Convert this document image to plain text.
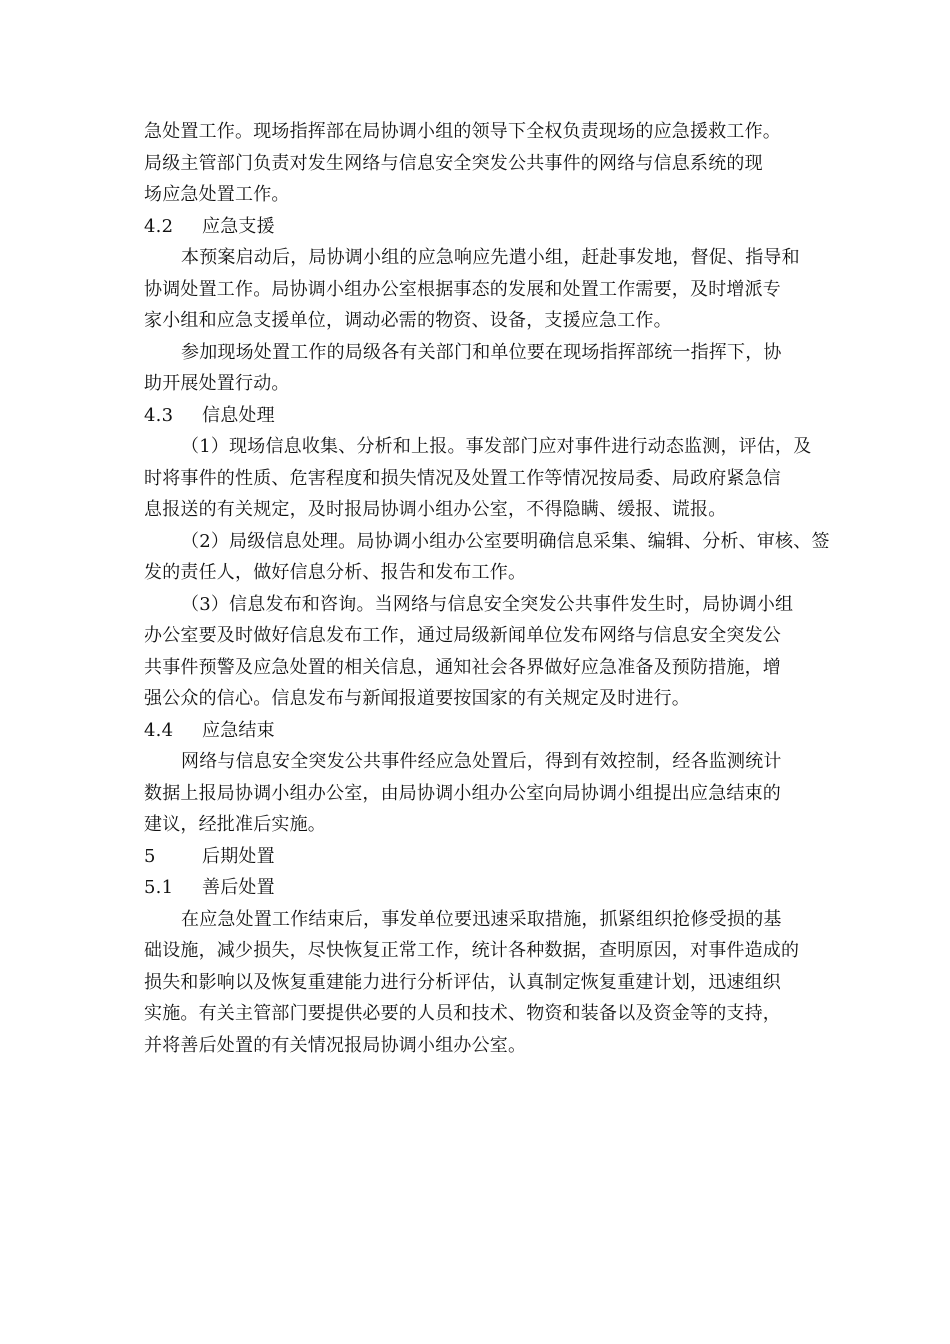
急处置工作。现场指挥部在局协调小组的领导下全权负责现场的应急援救工作。
局级主管部门负责对发生网络与信息安全突发公共事件的网络与信息系统的现
场应急处置工作。
4.2 应急支援
本预案启动后，局协调小组的应急响应先遣小组，赶赴事发地，督促、指导和
协调处置工作。局协调小组办公室根据事态的发展和处置工作需要，及时增派专
家小组和应急支援单位，调动必需的物资、设备，支援应急工作。
参加现场处置工作的局级各有关部门和单位要在现场指挥部统一指挥下，协
助开展处置行动。
4.3 信息处理
（1）现场信息收集、分析和上报。事发部门应对事件进行动态监测，评估，及
时将事件的性质、危害程度和损失情况及处置工作等情况按局委、局政府紧急信
息报送的有关规定，及时报局协调小组办公室，不得隐瞒、缓报、谎报。
（2）局级信息处理。局协调小组办公室要明确信息采集、编辑、分析、审核、签
发的责任人，做好信息分析、报告和发布工作。
（3）信息发布和咨询。当网络与信息安全突发公共事件发生时，局协调小组
办公室要及时做好信息发布工作，通过局级新闻单位发布网络与信息安全突发公
共事件预警及应急处置的相关信息，通知社会各界做好应急准备及预防措施，增
强公众的信心。信息发布与新闻报道要按国家的有关规定及时进行。
4.4 应急结束
网络与信息安全突发公共事件经应急处置后，得到有效控制，经各监测统计
数据上报局协调小组办公室，由局协调小组办公室向局协调小组提出应急结束的
建议，经批准后实施。
5	后期处置
5.1 善后处置
在应急处置工作结束后，事发单位要迅速采取措施，抓紧组织抢修受损的基
础设施，减少损失，尽快恢复正常工作，统计各种数据，查明原因，对事件造成的
损失和影响以及恢复重建能力进行分析评估，认真制定恢复重建计划，迅速组织
实施。有关主管部门要提供必要的人员和技术、物资和装备以及资金等的支持，
并将善后处置的有关情况报局协调小组办公室。
